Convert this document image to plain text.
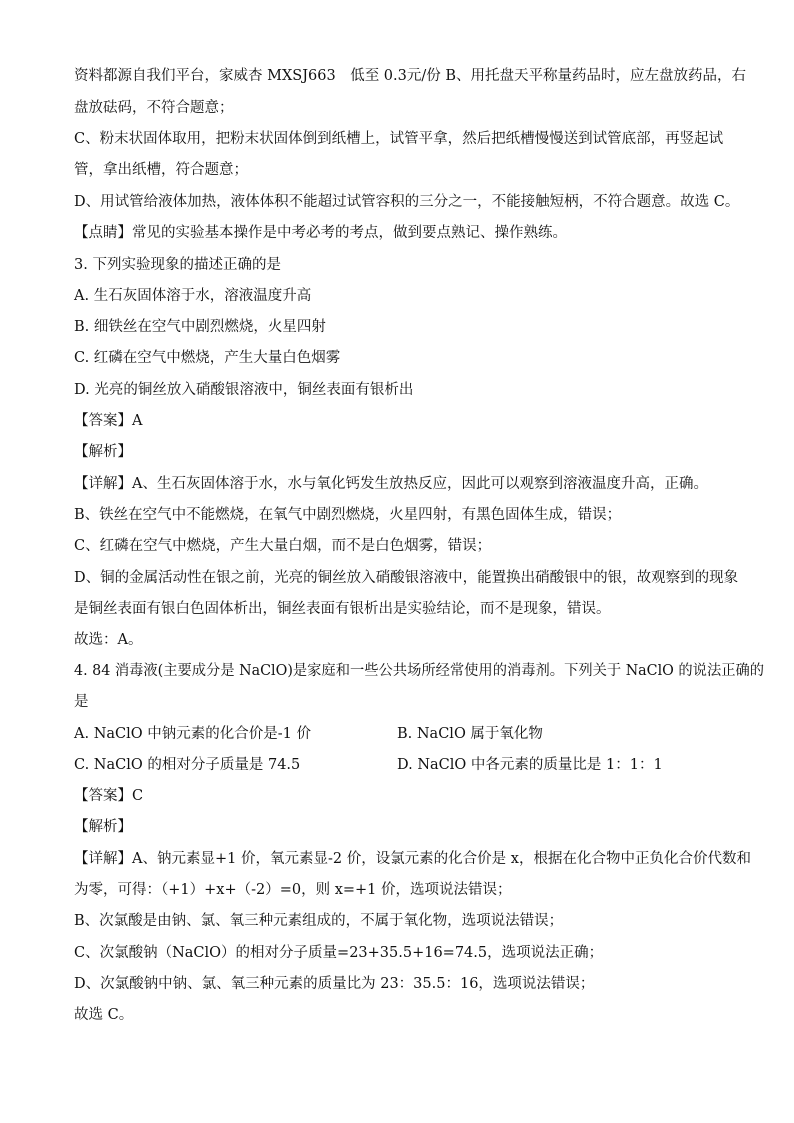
资料都源自我们平台，家威杏 MXSJ663　低至 0.3元/份 B、用托盘天平称量药品时，应左盘放药品，右
盘放砝码，不符合题意；
C、粉末状固体取用，把粉末状固体倒到纸槽上，试管平拿，然后把纸槽慢慢送到试管底部，再竖起试
管，拿出纸槽，符合题意；
D、用试管给液体加热，液体体积不能超过试管容积的三分之一，不能接触短柄，不符合题意。故选 C。
【点睛】常见的实验基本操作是中考必考的考点，做到要点熟记、操作熟练。
3. 下列实验现象的描述正确的是
A. 生石灰固体溶于水，溶液温度升高
B. 细铁丝在空气中剧烈燃烧，火星四射
C. 红磷在空气中燃烧，产生大量白色烟雾
D. 光亮的铜丝放入硝酸银溶液中，铜丝表面有银析出
【答案】A
【解析】
【详解】A、生石灰固体溶于水，水与氧化钙发生放热反应，因此可以观察到溶液温度升高，正确。
B、铁丝在空气中不能燃烧，在氧气中剧烈燃烧，火星四射，有黑色固体生成，错误；
C、红磷在空气中燃烧，产生大量白烟，而不是白色烟雾，错误；
D、铜的金属活动性在银之前，光亮的铜丝放入硝酸银溶液中，能置换出硝酸银中的银，故观察到的现象
是铜丝表面有银白色固体析出，铜丝表面有银析出是实验结论，而不是现象，错误。
故选：A。
4. 84 消毒液(主要成分是 NaClO)是家庭和一些公共场所经常使用的消毒剂。下列关于 NaClO 的说法正确的
是
A. NaClO 中钠元素的化合价是-1 价	B. NaClO 属于氧化物
C. NaClO 的相对分子质量是 74.5	D. NaClO 中各元素的质量比是 1：1：1
【答案】C
【解析】
【详解】A、钠元素显+1 价，氧元素显-2 价，设氯元素的化合价是 x，根据在化合物中正负化合价代数和
为零，可得：（+1）+x+（-2）=0，则 x=+1 价，选项说法错误；
B、次氯酸是由钠、氯、氧三种元素组成的，不属于氧化物，选项说法错误；
C、次氯酸钠（NaClO）的相对分子质量=23+35.5+16=74.5，选项说法正确；
D、次氯酸钠中钠、氯、氧三种元素的质量比为 23：35.5：16，选项说法错误；
故选 C。
